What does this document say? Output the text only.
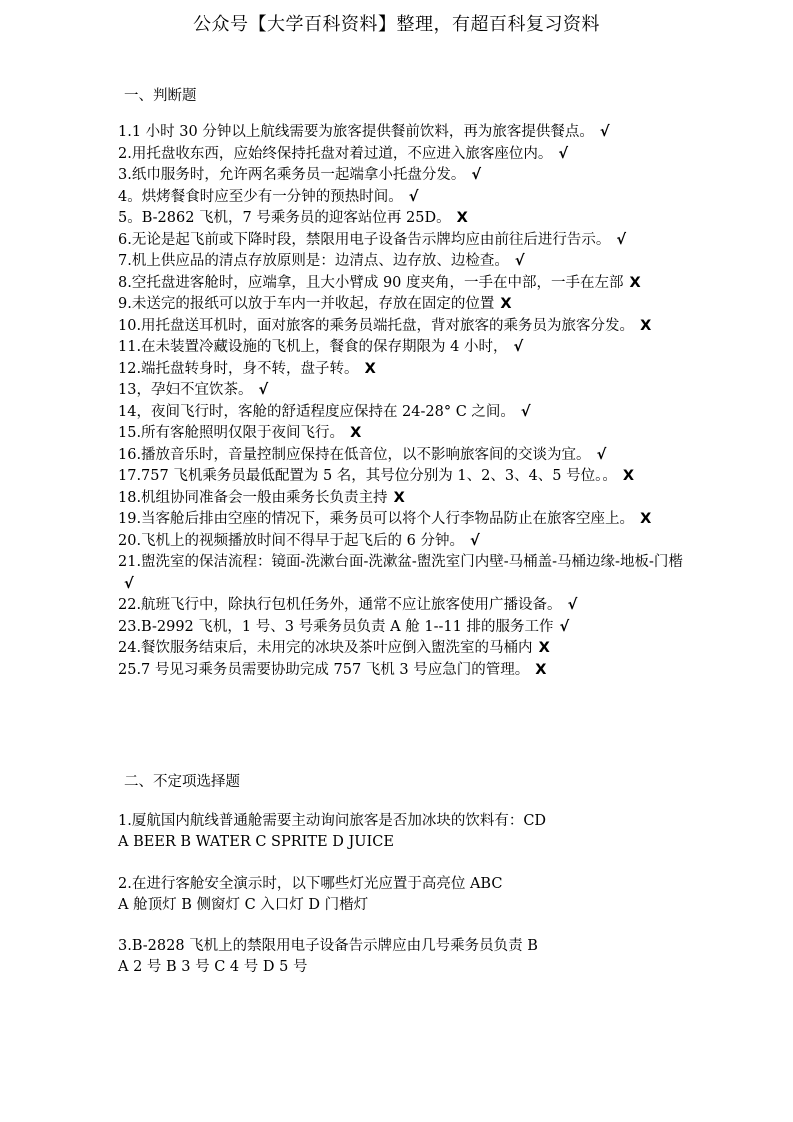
公众号【大学百科资料】整理，有超百科复习资料
一、判断题
1.1 小时 30 分钟以上航线需要为旅客提供餐前饮料，再为旅客提供餐点。 √
2.用托盘收东西，应始终保持托盘对着过道，不应进入旅客座位内。 √
3.纸巾服务时，允许两名乘务员一起端拿小托盘分发。 √
4。烘烤餐食时应至少有一分钟的预热时间。 √
5。B-2862 飞机，7 号乘务员的迎客站位再 25D。 X
6.无论是起飞前或下降时段，禁限用电子设备告示牌均应由前往后进行告示。 √
7.机上供应品的清点存放原则是：边清点、边存放、边检查。 √
8.空托盘进客舱时，应端拿，且大小臂成 90 度夹角，一手在中部，一手在左部 X
9.未送完的报纸可以放于车内一并收起，存放在固定的位置 X
10.用托盘送耳机时，面对旅客的乘务员端托盘，背对旅客的乘务员为旅客分发。 X
11.在未装置冷藏设施的飞机上，餐食的保存期限为 4 小时， √
12.端托盘转身时，身不转，盘子转。 X
13，孕妇不宜饮茶。 √
14，夜间飞行时，客舱的舒适程度应保持在 24-28° C 之间。 √
15.所有客舱照明仅限于夜间飞行。 X
16.播放音乐时，音量控制应保持在低音位，以不影响旅客间的交谈为宜。 √
17.757 飞机乘务员最低配置为 5 名，其号位分别为 1、2、3、4、5 号位。。 X
18.机组协同准备会一般由乘务长负责主持 X
19.当客舱后排由空座的情况下，乘务员可以将个人行李物品防止在旅客空座上。 X
20.飞机上的视频播放时间不得早于起飞后的 6 分钟。 √
21.盥洗室的保洁流程：镜面-洗漱台面-洗漱盆-盥洗室门内壁-马桶盖-马桶边缘-地板-门楷√
22.航班飞行中，除执行包机任务外，通常不应让旅客使用广播设备。 √
23.B-2992 飞机，1 号、3 号乘务员负责 A 舱 1--11 排的服务工作 √
24.餐饮服务结束后，未用完的冰块及茶叶应倒入盥洗室的马桶内 X
25.7 号见习乘务员需要协助完成 757 飞机 3 号应急门的管理。 X
二、不定项选择题
1.厦航国内航线普通舱需要主动询问旅客是否加冰块的饮料有：CD
A BEER B WATER C SPRITE D JUICE
2.在进行客舱安全演示时，以下哪些灯光应置于高亮位 ABC
A 舱顶灯 B 侧窗灯 C 入口灯 D 门楷灯
3.B-2828 飞机上的禁限用电子设备告示牌应由几号乘务员负责 B
A 2 号 B 3 号 C 4 号 D 5 号
